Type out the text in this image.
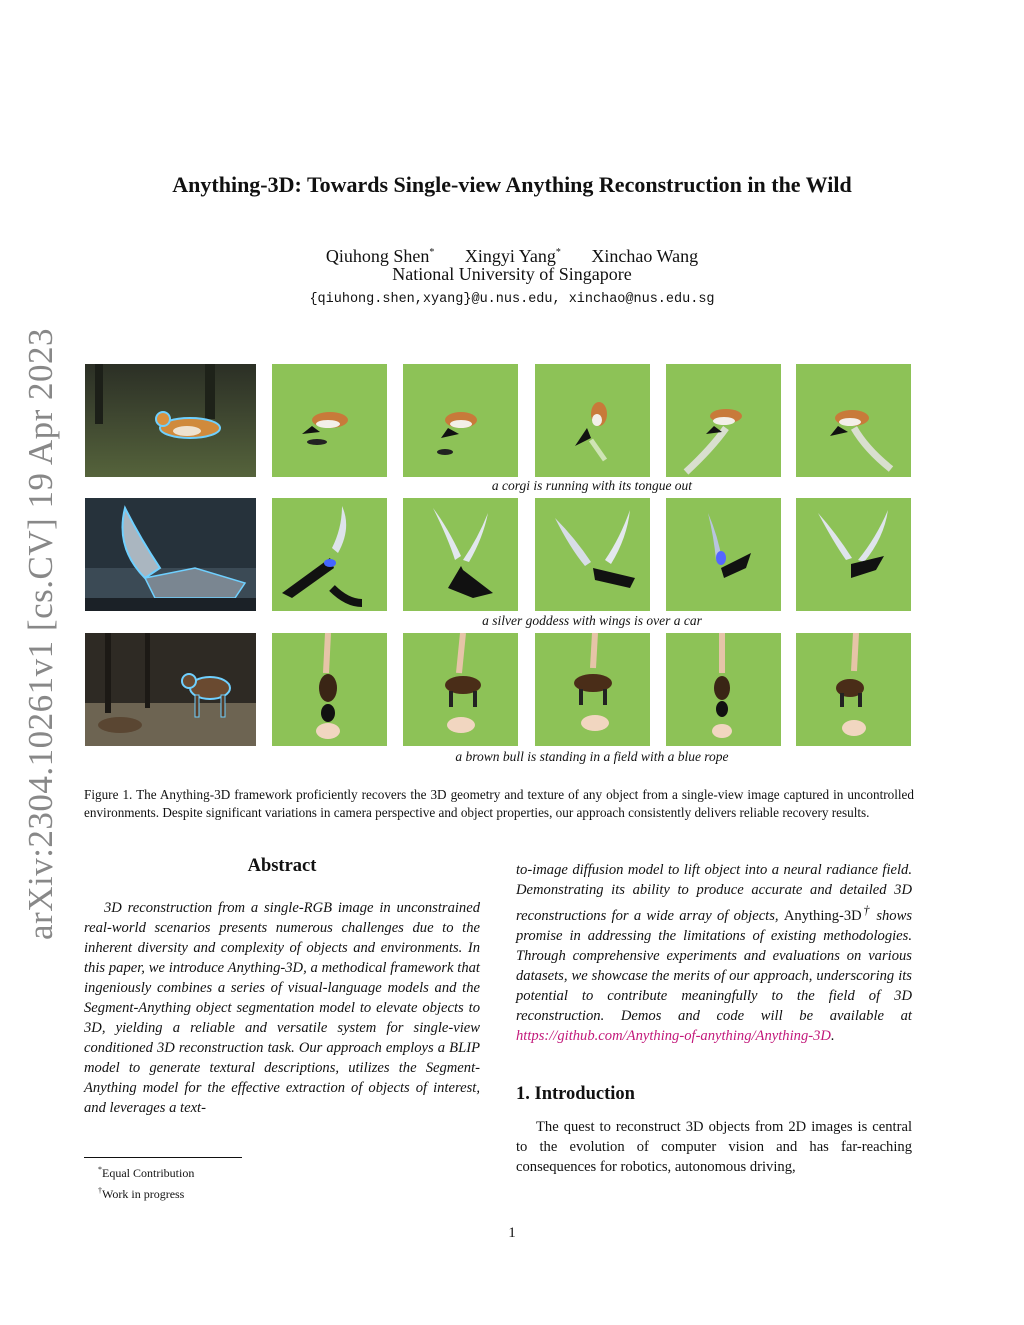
arXiv:2304.10261v1 [cs.CV] 19 Apr 2023
Anything-3D: Towards Single-view Anything Reconstruction in the Wild
Qiuhong Shen* Xingyi Yang* Xinchao Wang
National University of Singapore
{qiuhong.shen,xyang}@u.nus.edu, xinchao@nus.edu.sg
a corgi is running with its tongue out
a silver goddess with wings is over a car
a brown bull is standing in a field with a blue rope
Figure 1. The Anything-3D framework proficiently recovers the 3D geometry and texture of any object from a single-view image captured in uncontrolled environments. Despite significant variations in camera perspective and object properties, our approach consistently delivers reliable recovery results.
Abstract

3D reconstruction from a single-RGB image in unconstrained real-world scenarios presents numerous challenges due to the inherent diversity and complexity of objects and environments. In this paper, we introduce Anything-3D, a methodical framework that ingeniously combines a series of visual-language models and the Segment-Anything object segmentation model to elevate objects to 3D, yielding a reliable and versatile system for single-view conditioned 3D reconstruction task. Our approach employs a BLIP model to generate textural descriptions, utilizes the Segment-Anything model for the effective extraction of objects of interest, and leverages a text-

*Equal Contribution
†Work in progress

to-image diffusion model to lift object into a neural radiance field. Demonstrating its ability to produce accurate and detailed 3D reconstructions for a wide array of objects, Anything-3D† shows promise in addressing the limitations of existing methodologies. Through comprehensive experiments and evaluations on various datasets, we showcase the merits of our approach, underscoring its potential to contribute meaningfully to the field of 3D reconstruction. Demos and code will be available at https://github.com/Anything-of-anything/Anything-3D.

1. Introduction

The quest to reconstruct 3D objects from 2D images is central to the evolution of computer vision and has far-reaching consequences for robotics, autonomous driving,

1
